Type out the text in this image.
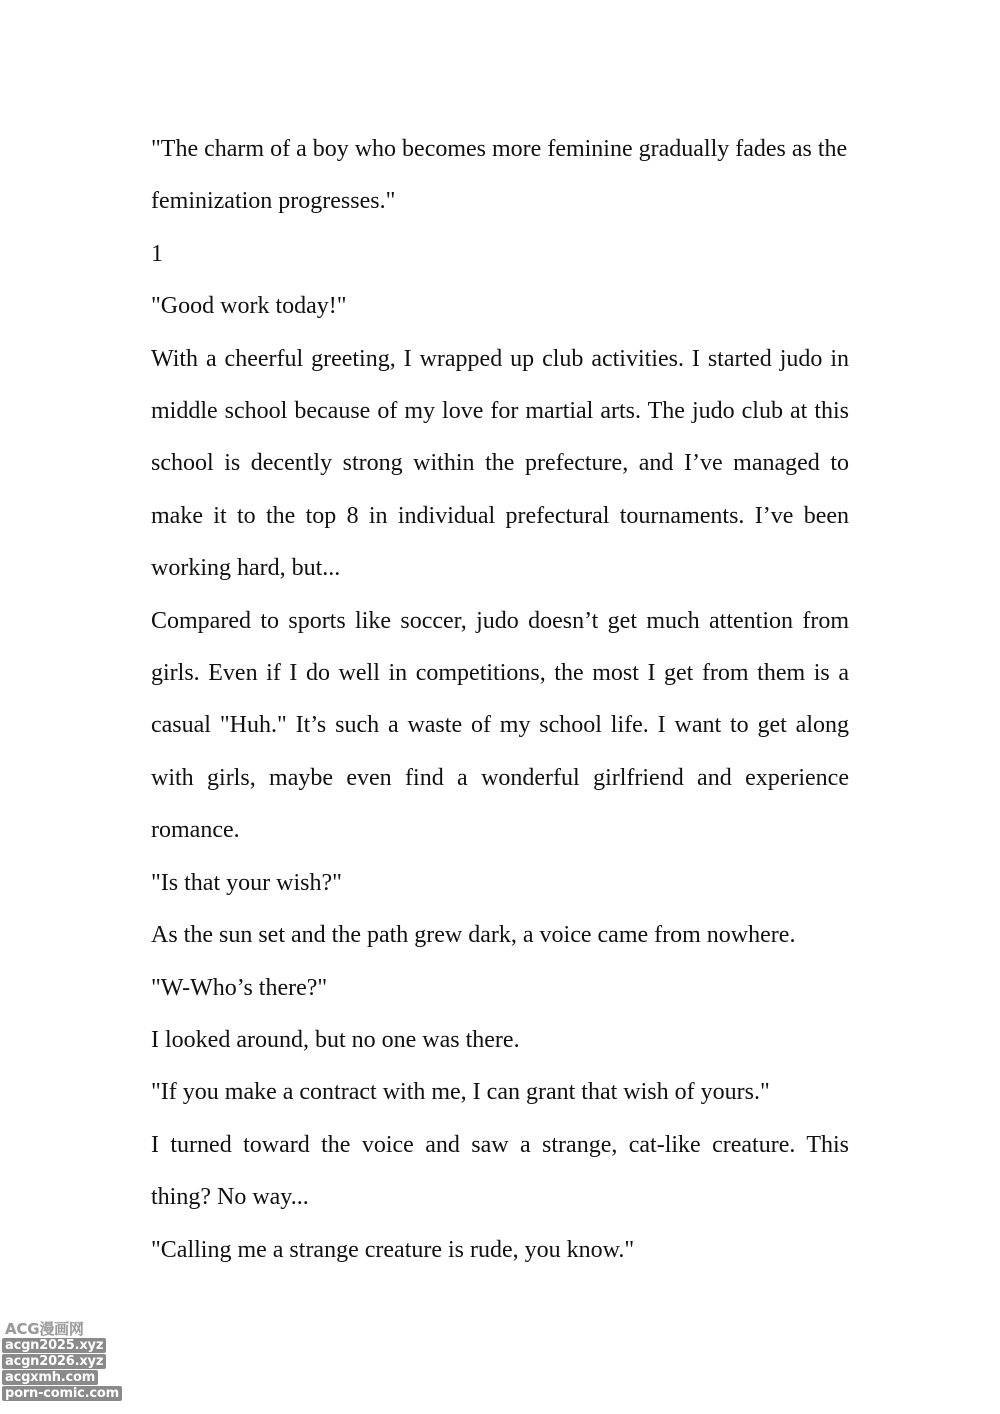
"The charm of a boy who becomes more feminine gradually fades as the feminization progresses."

1

"Good work today!"

With a cheerful greeting, I wrapped up club activities. I started judo in middle school because of my love for martial arts. The judo club at this school is decently strong within the prefecture, and I’ve managed to make it to the top 8 in individual prefectural tournaments. I’ve been working hard, but...

Compared to sports like soccer, judo doesn’t get much attention from girls. Even if I do well in competitions, the most I get from them is a casual "Huh." It’s such a waste of my school life. I want to get along with girls, maybe even find a wonderful girlfriend and experience romance.

"Is that your wish?"

As the sun set and the path grew dark, a voice came from nowhere.

"W-Who’s there?"

I looked around, but no one was there.

"If you make a contract with me, I can grant that wish of yours."

I turned toward the voice and saw a strange, cat-like creature. This thing? No way...

"Calling me a strange creature is rude, you know."

ACG漫画网
acgn2025.xyz
acgn2026.xyz
acgxmh.com
porn-comic.com
